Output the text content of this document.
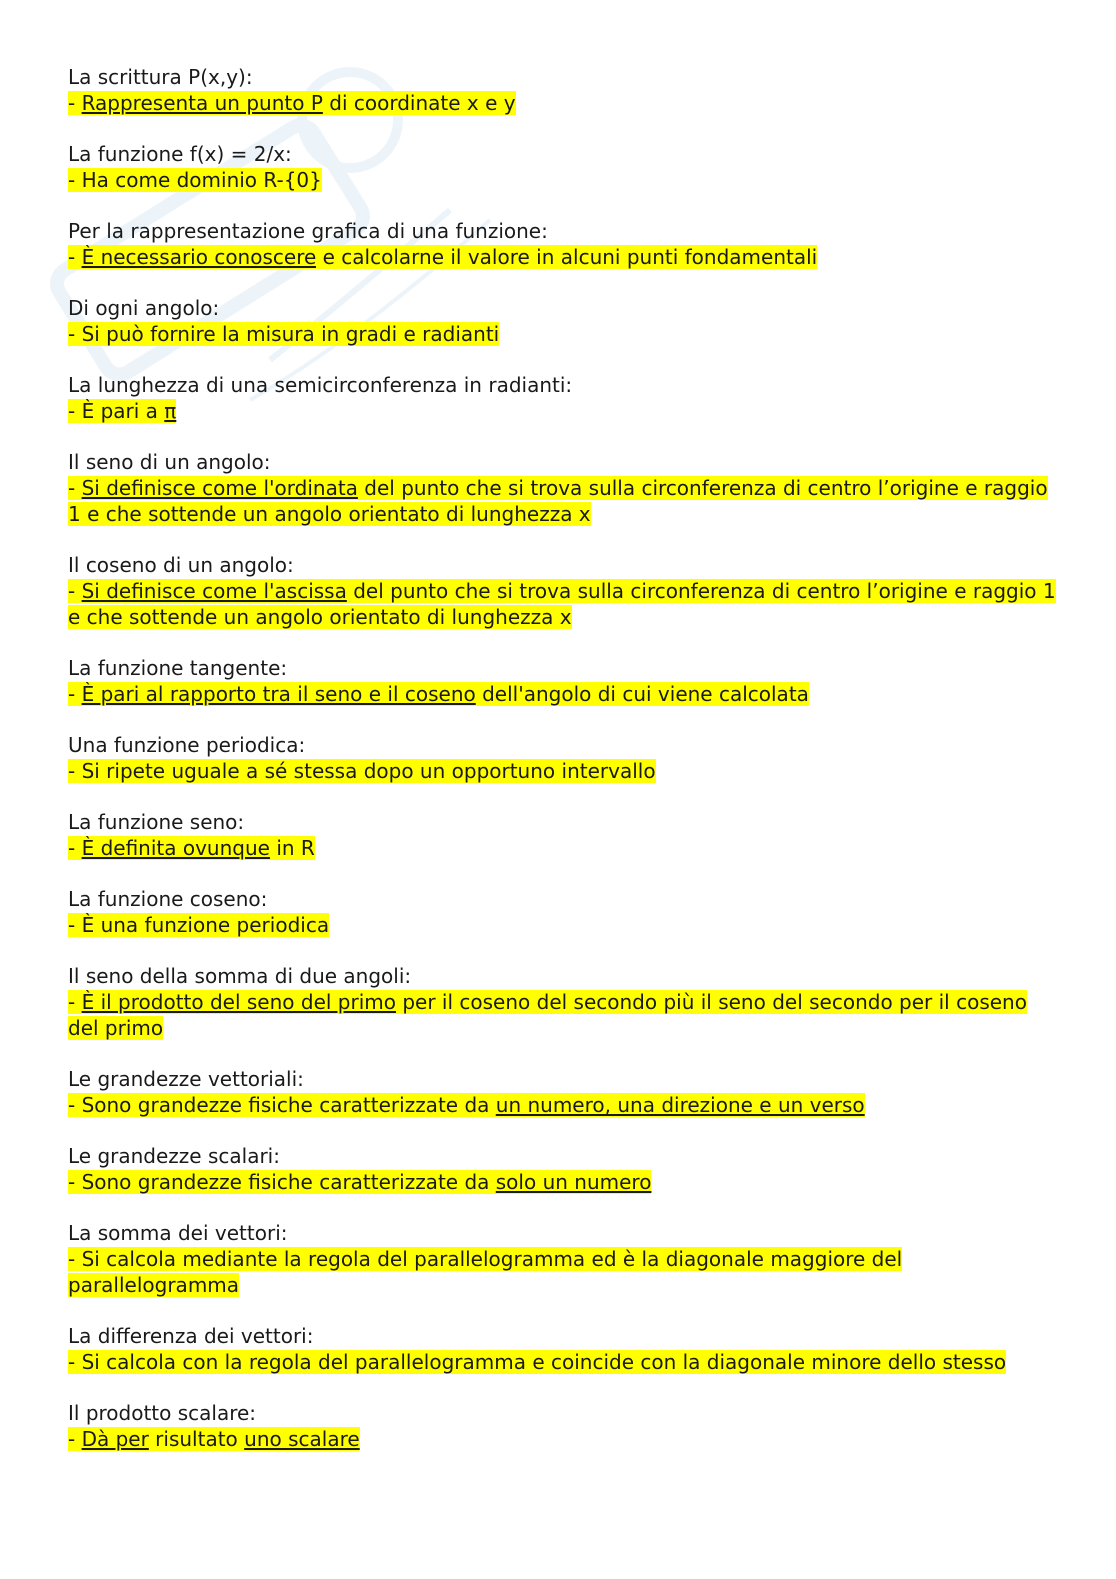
La scrittura P(x,y):

- Rappresenta un punto P di coordinate x e y

La funzione f(x) = 2/x:

- Ha come dominio R-{0}

Per la rappresentazione grafica di una funzione:

- È necessario conoscere e calcolarne il valore in alcuni punti fondamentali

Di ogni angolo:

- Si può fornire la misura in gradi e radianti

La lunghezza di una semicirconferenza in radianti:

- È pari a π

Il seno di un angolo:

- Si definisce come l'ordinata del punto che si trova sulla circonferenza di centro l’origine e raggio 1 e che sottende un angolo orientato di lunghezza x

Il coseno di un angolo:

- Si definisce come l'ascissa del punto che si trova sulla circonferenza di centro l’origine e raggio 1 e che sottende un angolo orientato di lunghezza x

La funzione tangente:

- È pari al rapporto tra il seno e il coseno dell'angolo di cui viene calcolata

Una funzione periodica:

- Si ripete uguale a sé stessa dopo un opportuno intervallo

La funzione seno:

- È definita ovunque in R

La funzione coseno:

- È una funzione periodica

Il seno della somma di due angoli:

- È il prodotto del seno del primo per il coseno del secondo più il seno del secondo per il coseno del primo

Le grandezze vettoriali:

- Sono grandezze fisiche caratterizzate da un numero, una direzione e un verso

Le grandezze scalari:

- Sono grandezze fisiche caratterizzate da solo un numero

La somma dei vettori:

- Si calcola mediante la regola del parallelogramma ed è la diagonale maggiore del parallelogramma

La differenza dei vettori:

- Si calcola con la regola del parallelogramma e coincide con la diagonale minore dello stesso

Il prodotto scalare:

- Dà per risultato uno scalare
